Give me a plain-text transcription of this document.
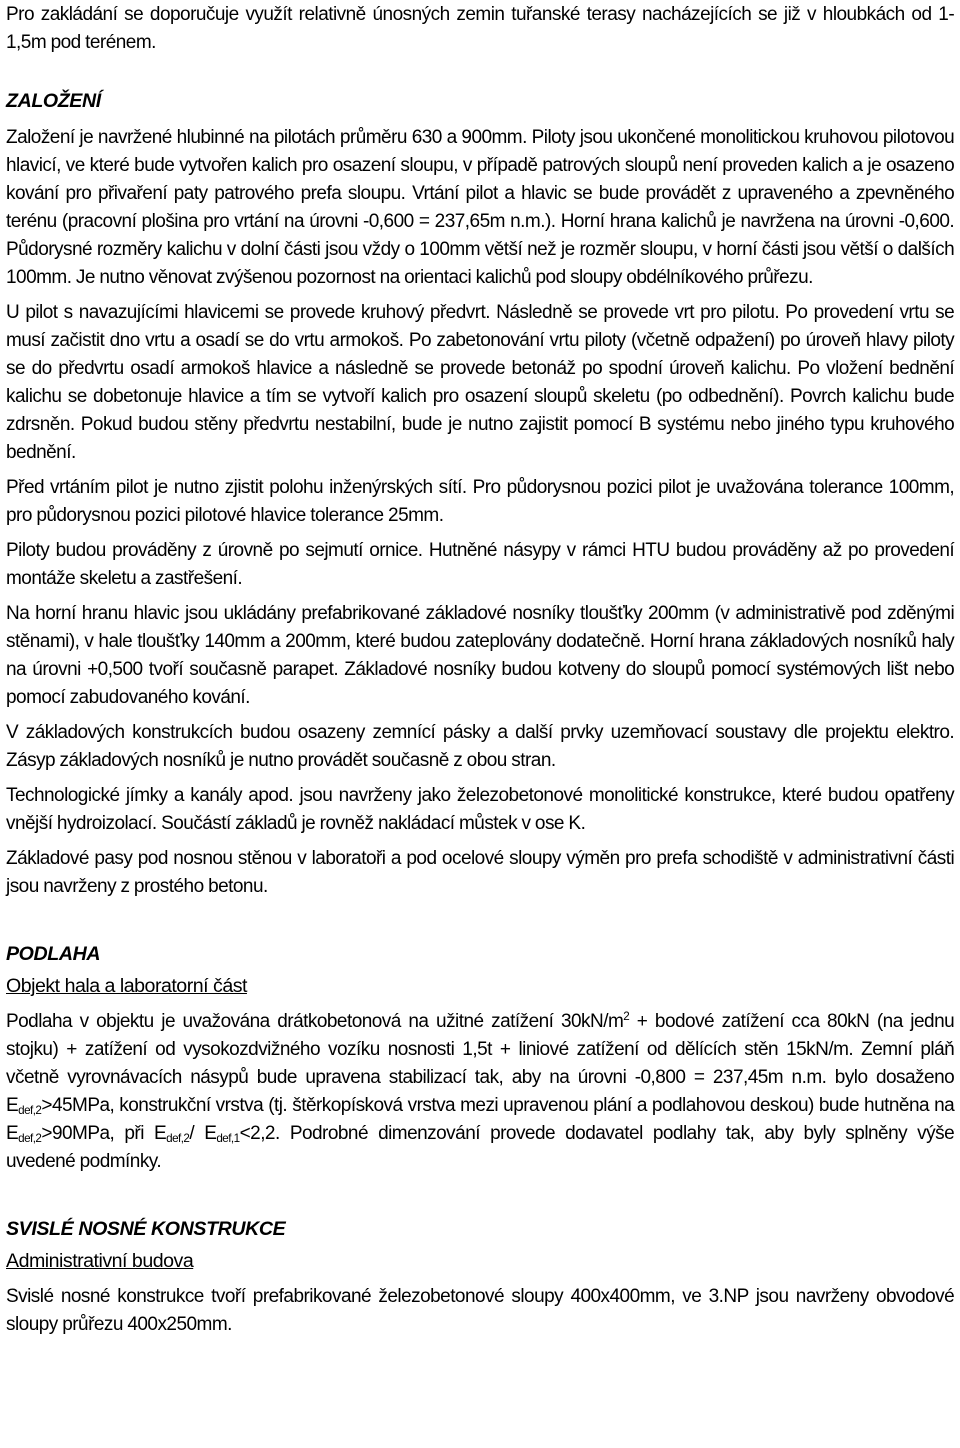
Pro zakládání se doporučuje využít relativně únosných zemin tuřanské terasy nacházejících se již v hloubkách od 1-1,5m pod terénem.

ZALOŽENÍ

Založení je navržené hlubinné na pilotách průměru 630 a 900mm. Piloty jsou ukončené monolitickou kruhovou pilotovou hlavicí, ve které bude vytvořen kalich pro osazení sloupu, v případě patrových sloupů není proveden kalich a je osazeno kování pro přivaření paty patrového prefa sloupu. Vrtání pilot a hlavic se bude provádět z upraveného a zpevněného terénu (pracovní plošina pro vrtání na úrovni -0,600 = 237,65m n.m.). Horní hrana kalichů je navržena na úrovni -0,600. Půdorysné rozměry kalichu v dolní části jsou vždy o 100mm větší než je rozměr sloupu, v horní části jsou větší o dalších 100mm. Je nutno věnovat zvýšenou pozornost na orientaci kalichů pod sloupy obdélníkového průřezu.

U pilot s navazujícími hlavicemi se provede kruhový předvrt. Následně se provede vrt pro pilotu. Po provedení vrtu se musí začistit dno vrtu a osadí se do vrtu armokoš. Po zabetonování vrtu piloty (včetně odpažení) po úroveň hlavy piloty se do předvrtu osadí armokoš hlavice a následně se provede betonáž po spodní úroveň kalichu. Po vložení bednění kalichu se dobetonuje hlavice a tím se vytvoří kalich pro osazení sloupů skeletu (po odbednění). Povrch kalichu bude zdrsněn. Pokud budou stěny předvrtu nestabilní, bude je nutno zajistit pomocí B systému nebo jiného typu kruhového bednění.

Před vrtáním pilot je nutno zjistit polohu inženýrských sítí. Pro půdorysnou pozici pilot je uvažována tolerance 100mm, pro půdorysnou pozici pilotové hlavice tolerance 25mm.

Piloty budou prováděny z úrovně po sejmutí ornice. Hutněné násypy v rámci HTU budou prováděny až po provedení montáže skeletu a zastřešení.

Na horní hranu hlavic jsou ukládány prefabrikované základové nosníky tloušťky 200mm (v administrativě pod zděnými stěnami), v hale tloušťky 140mm a 200mm, které budou zateplovány dodatečně. Horní hrana základových nosníků haly na úrovni +0,500 tvoří současně parapet. Základové nosníky budou kotveny do sloupů pomocí systémových lišt nebo pomocí zabudovaného kování.

V základových konstrukcích budou osazeny zemnící pásky a další prvky uzemňovací soustavy dle projektu elektro. Zásyp základových nosníků je nutno provádět současně z obou stran.

Technologické jímky a kanály apod. jsou navrženy jako železobetonové monolitické konstrukce, které budou opatřeny vnější hydroizolací. Součástí základů je rovněž nakládací můstek v ose K.

Základové pasy pod nosnou stěnou v laboratoři a pod ocelové sloupy výměn pro prefa schodiště v administrativní části jsou navrženy z prostého betonu.

PODLAHA

Objekt hala a laboratorní část

Podlaha v objektu je uvažována drátkobetonová na užitné zatížení $30kN/m^2$ + bodové zatížení cca 80kN (na jednu stojku) + zatížení od vysokozdvižného vozíku nosnosti 1,5t + liniové zatížení od dělících stěn 15kN/m. Zemní pláň včetně vyrovnávacích násypů bude upravena stabilizací tak, aby na úrovni -0,800 = 237,45m n.m. bylo dosaženo $E_{def,2}>45MPa$, konstrukční vrstva (tj. štěrkopísková vrstva mezi upravenou plání a podlahovou deskou) bude hutněna na $E_{def,2}>90MPa$, při $E_{def,2}/$ $E_{def,1}<2,2$. Podrobné dimenzování provede dodavatel podlahy tak, aby byly splněny výše uvedené podmínky.

SVISLÉ NOSNÉ KONSTRUKCE

Administrativní budova

Svislé nosné konstrukce tvoří prefabrikované železobetonové sloupy 400x400mm, ve 3.NP jsou navrženy obvodové sloupy průřezu 400x250mm.
